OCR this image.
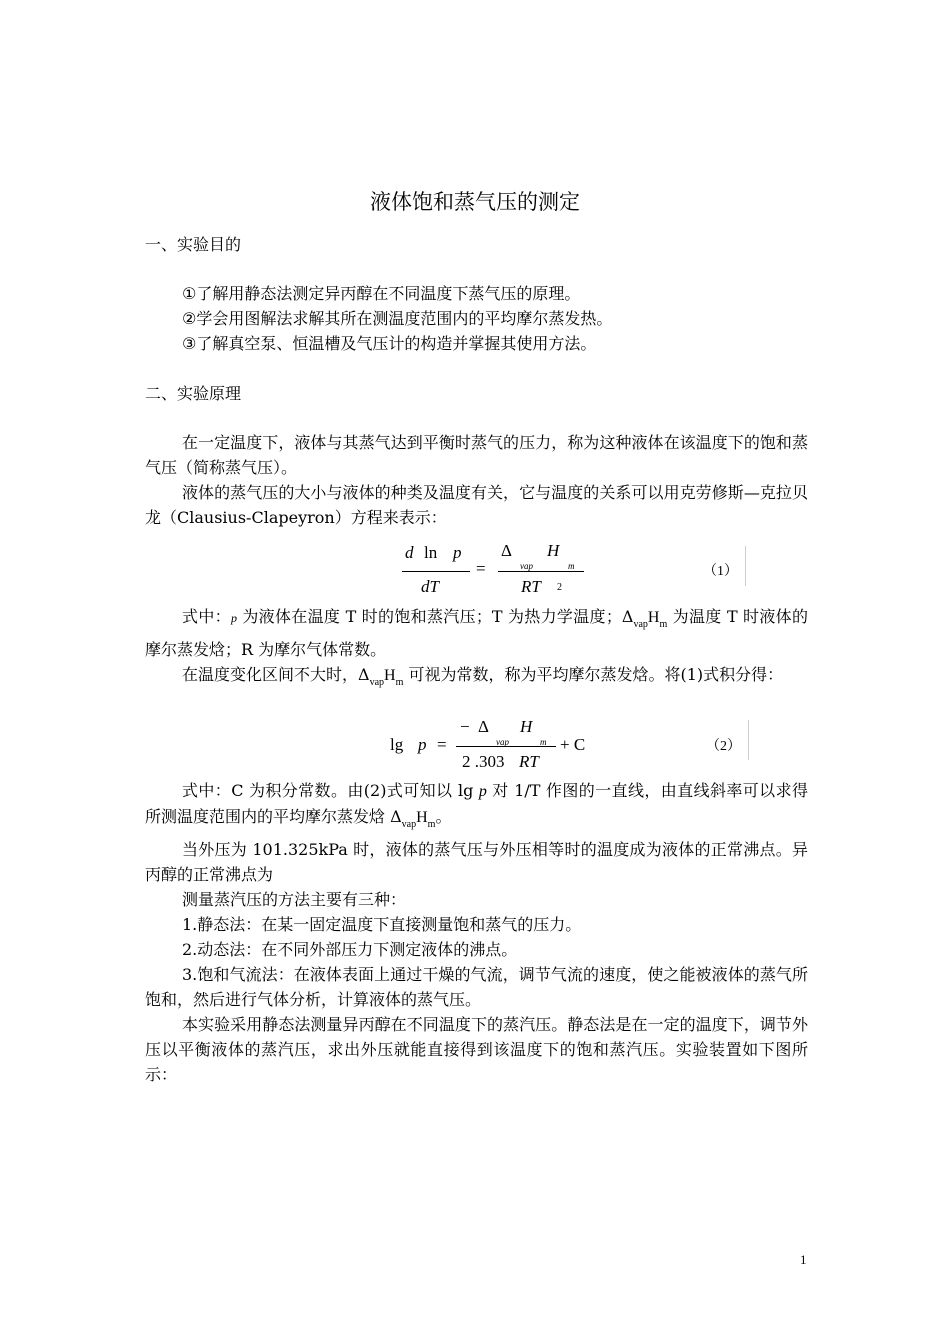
液体饱和蒸气压的测定
一、实验目的
①了解用静态法测定异丙醇在不同温度下蒸气压的原理。
②学会用图解法求解其所在测温度范围内的平均摩尔蒸发热。
③了解真空泵、恒温槽及气压计的构造并掌握其使用方法。
二、实验原理

在一定温度下，液体与其蒸气达到平衡时蒸气的压力，称为这种液体在该温度下的饱和蒸气压（简称蒸气压）。

液体的蒸气压的大小与液体的种类及温度有关，它与温度的关系可以用克劳修斯—克拉贝龙（Clausius-Clapeyron）方程来表示：

d ln p
dT
=
Δ H
vap	m
RT 2
（1）

式中：p 为液体在温度 T 时的饱和蒸汽压；T 为热力学温度；$\Delta_{vap}H_m$ 为温度 T 时液体的摩尔蒸发焓；R 为摩尔气体常数。

在温度变化区间不大时，$\Delta_{vap}H_m$ 可视为常数，称为平均摩尔蒸发焓。将(1)式积分得：

lg p =
− Δ H
vap	m
2 .303 RT
+ C	（2）

式中：C 为积分常数。由(2)式可知以 lg p 对 1/T 作图的一直线，由直线斜率可以求得所测温度范围内的平均摩尔蒸发焓 $\Delta_{vap}H_m$。

当外压为 101.325kPa 时，液体的蒸气压与外压相等时的温度成为液体的正常沸点。异丙醇的正常沸点为

测量蒸汽压的方法主要有三种：

1.静态法：在某一固定温度下直接测量饱和蒸气的压力。

2.动态法：在不同外部压力下测定液体的沸点。

3.饱和气流法：在液体表面上通过干燥的气流，调节气流的速度，使之能被液体的蒸气所饱和，然后进行气体分析，计算液体的蒸气压。

本实验采用静态法测量异丙醇在不同温度下的蒸汽压。静态法是在一定的温度下，调节外压以平衡液体的蒸汽压，求出外压就能直接得到该温度下的饱和蒸汽压。实验装置如下图所示：

1
